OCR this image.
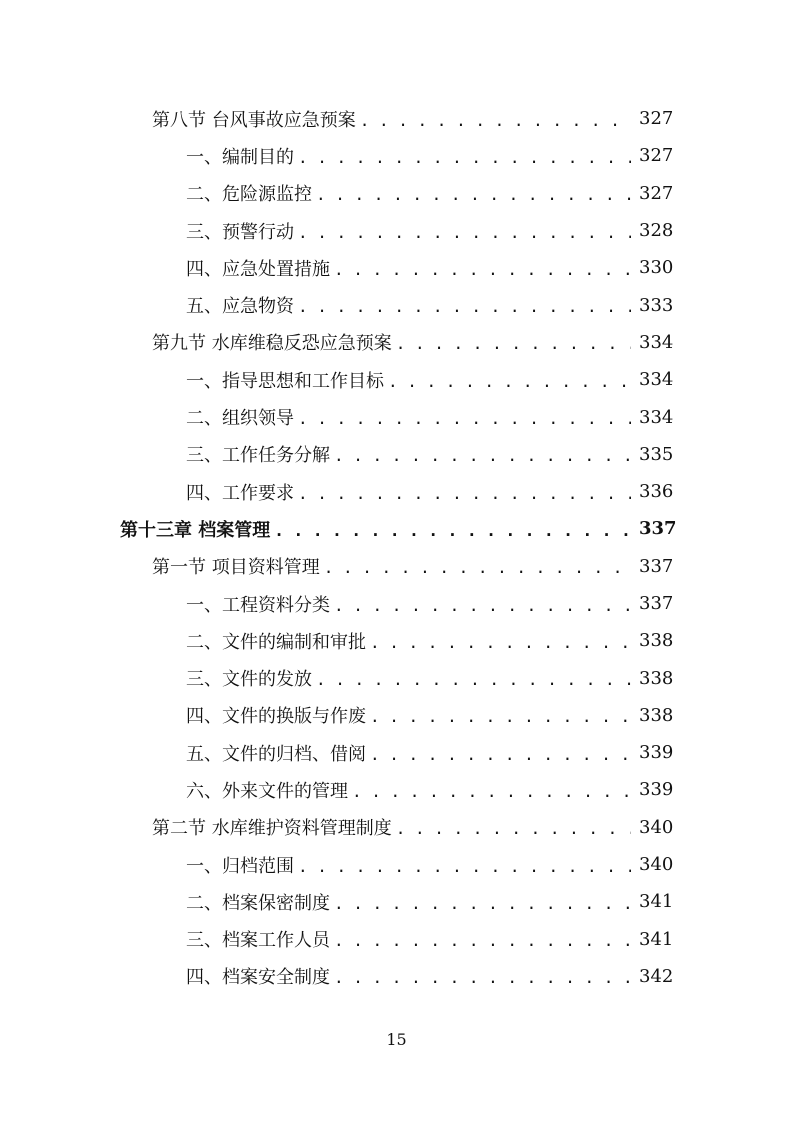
第八节 台风事故应急预案 . . .	327
一、编制目的 . . .	327
二、危险源监控 . . .	327
三、预警行动 . . .	328
四、应急处置措施 . . .	330
五、应急物资 . . .	333
第九节 水库维稳反恐应急预案 . . .	334
一、指导思想和工作目标 . . .	334
二、组织领导 . . .	334
三、工作任务分解 . . .	335
四、工作要求 . . .	336
第十三章 档案管理 . . .	337
第一节 项目资料管理 . . .	337
一、工程资料分类 . . .	337
二、文件的编制和审批 . . .	338
三、文件的发放 . . .	338
四、文件的换版与作废 . . .	338
五、文件的归档、借阅 . . .	339
六、外来文件的管理 . . .	339
第二节 水库维护资料管理制度 . . .	340
一、归档范围 . . .	340
二、档案保密制度 . . .	341
三、档案工作人员 . . .	341
四、档案安全制度 . . .	342
15
